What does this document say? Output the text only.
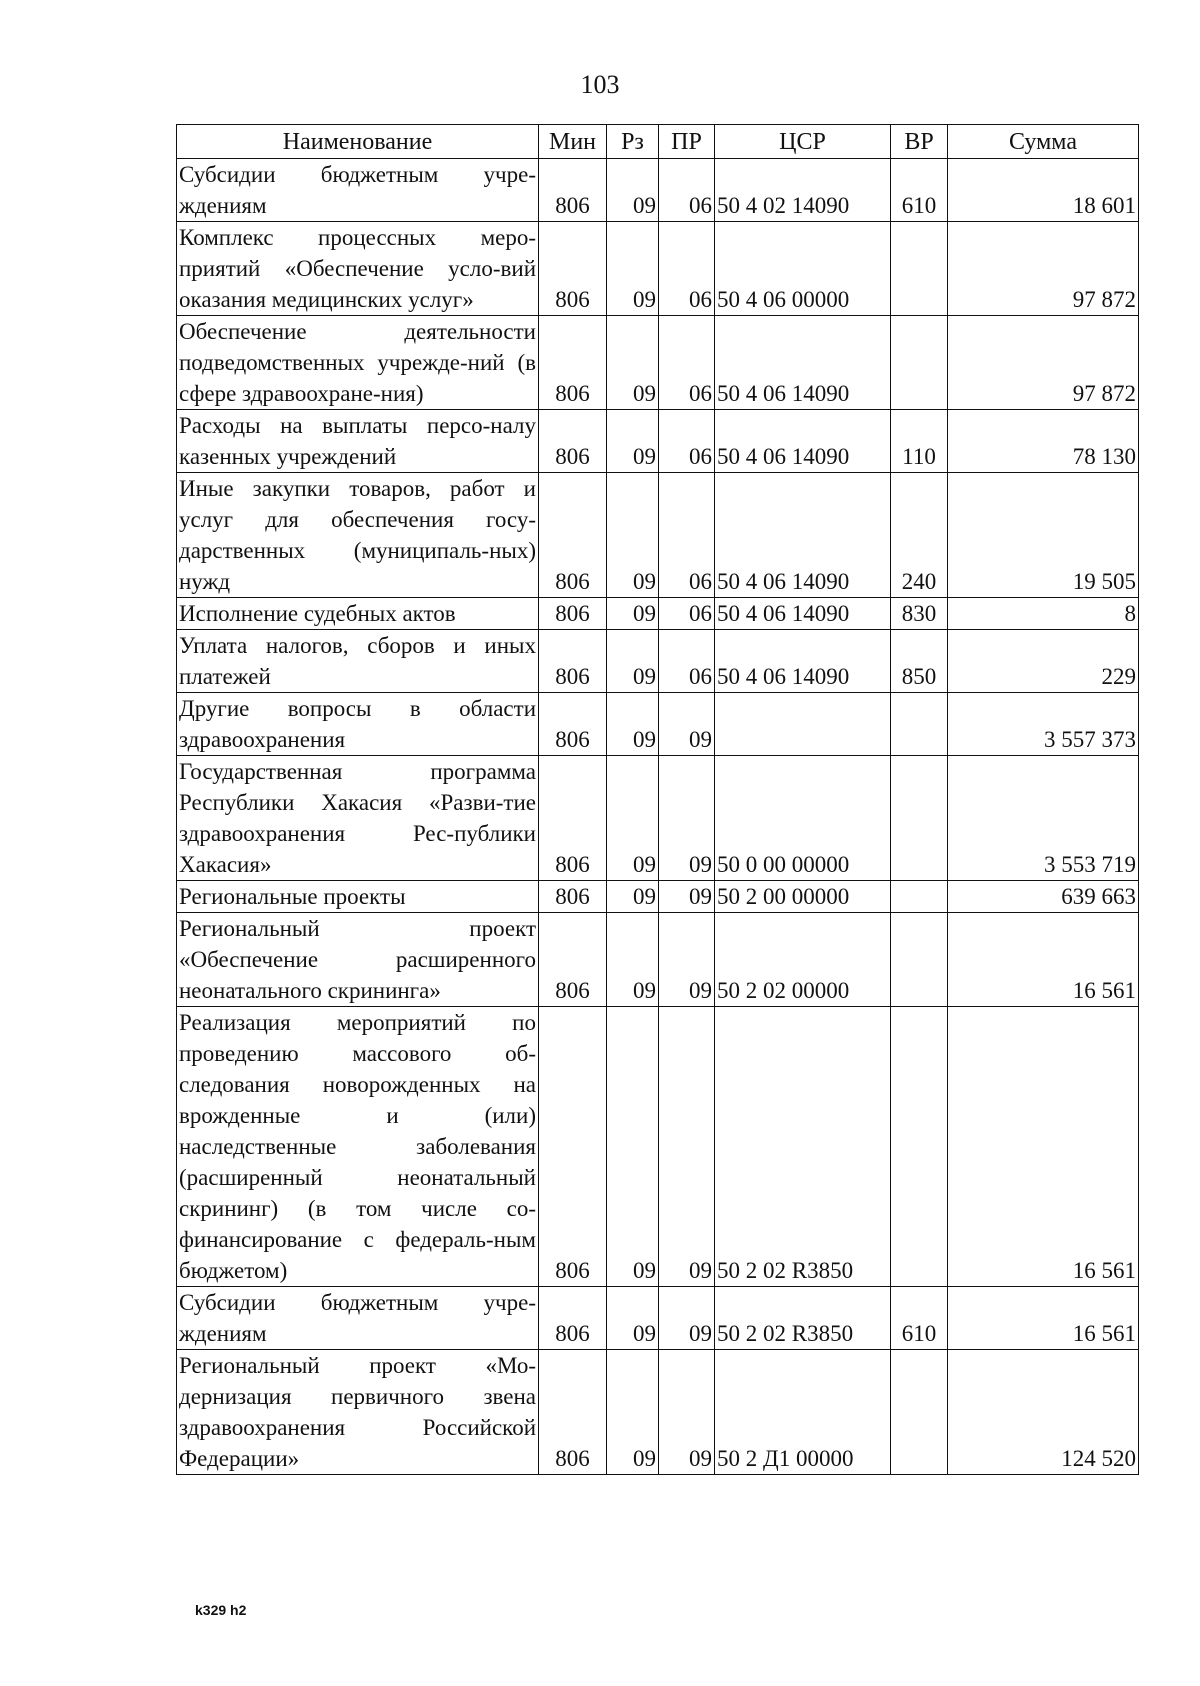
103
Наименование	Мин	Рз	ПР	ЦСР	ВР	Сумма
Субсидии бюджетным учре-ждениям	806	09	06	50 4 02 14090	610	18 601
Комплекс процессных меро-приятий «Обеспечение усло-вий оказания медицинских услуг»	806	09	06	50 4 06 00000		97 872
Обеспечение деятельности подведомственных учрежде-ний (в сфере здравоохране-ния)	806	09	06	50 4 06 14090		97 872
Расходы на выплаты персо-налу казенных учреждений	806	09	06	50 4 06 14090	110	78 130
Иные закупки товаров, работ и услуг для обеспечения госу-дарственных (муниципаль-ных) нужд	806	09	06	50 4 06 14090	240	19 505
Исполнение судебных актов	806	09	06	50 4 06 14090	830	8
Уплата налогов, сборов и иных платежей	806	09	06	50 4 06 14090	850	229
Другие вопросы в области здравоохранения	806	09	09			3 557 373
Государственная программа Республики Хакасия «Разви-тие здравоохранения Рес-публики Хакасия»	806	09	09	50 0 00 00000		3 553 719
Региональные проекты	806	09	09	50 2 00 00000		639 663
Региональный проект «Обеспечение расширенного неонатального скрининга»	806	09	09	50 2 02 00000		16 561
Реализация мероприятий по проведению массового об-следования новорожденных на врожденные и (или) наследственные заболевания (расширенный неонатальный скрининг) (в том числе со-финансирование с федераль-ным бюджетом)	806	09	09	50 2 02 R3850		16 561
Субсидии бюджетным учре-ждениям	806	09	09	50 2 02 R3850	610	16 561
Региональный проект «Мо-дернизация первичного звена здравоохранения Российской Федерации»	806	09	09	50 2 Д1 00000		124 520
k329 h2
